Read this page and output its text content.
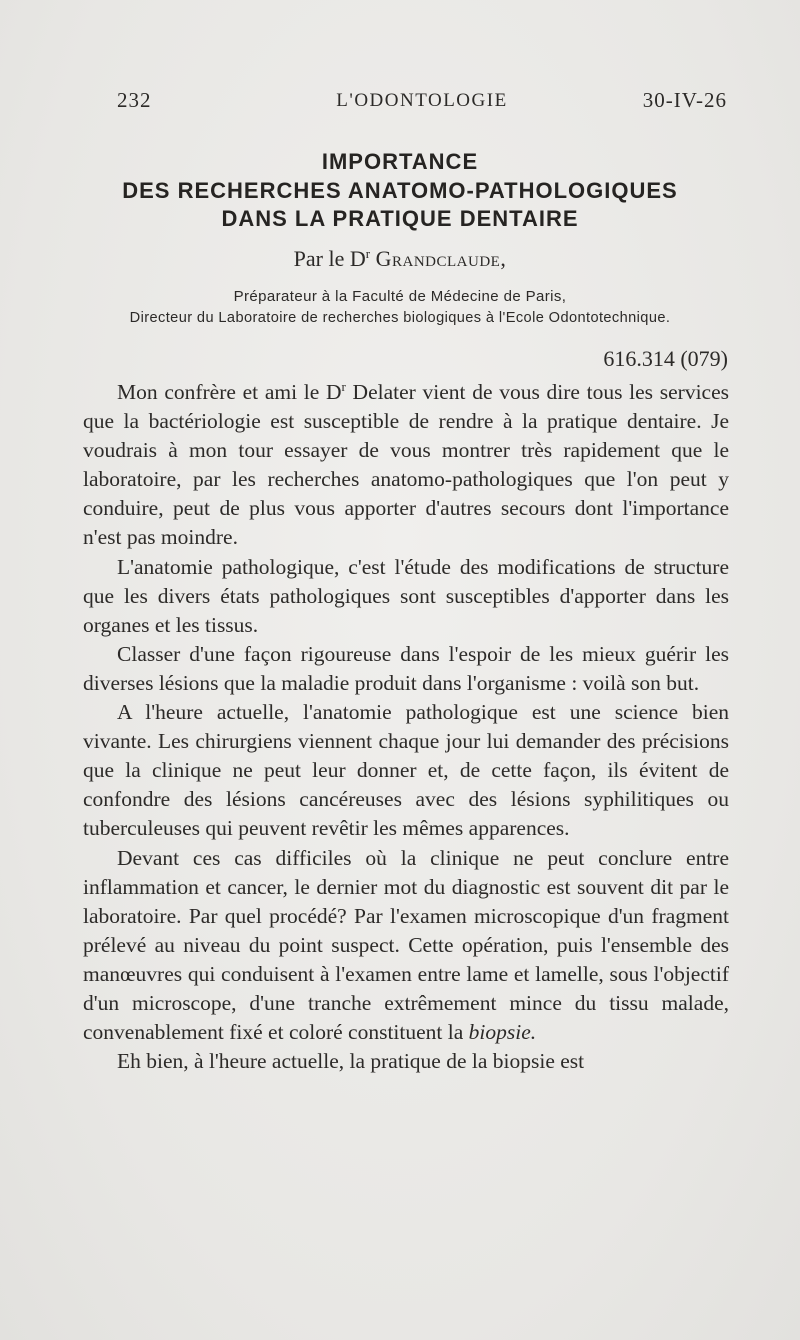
232	L'ODONTOLOGIE	30-IV-26
IMPORTANCE
DES RECHERCHES ANATOMO-PATHOLOGIQUES
DANS LA PRATIQUE DENTAIRE
Par le $D^r$ Grandclaude,
Préparateur à la Faculté de Médecine de Paris,
Directeur du Laboratoire de recherches biologiques à l'Ecole Odontotechnique.
616.314 (079)

Mon confrère et ami le $D^r$ Delater vient de vous dire tous les services que la bactériologie est susceptible de rendre à la pratique dentaire. Je voudrais à mon tour essayer de vous montrer très rapidement que le laboratoire, par les recherches anatomo-pathologiques que l'on peut y conduire, peut de plus vous apporter d'autres secours dont l'importance n'est pas moindre.

L'anatomie pathologique, c'est l'étude des modifications de structure que les divers états pathologiques sont susceptibles d'apporter dans les organes et les tissus.

Classer d'une façon rigoureuse dans l'espoir de les mieux guérir les diverses lésions que la maladie produit dans l'organisme : voilà son but.

A l'heure actuelle, l'anatomie pathologique est une science bien vivante. Les chirurgiens viennent chaque jour lui demander des précisions que la clinique ne peut leur donner et, de cette façon, ils évitent de confondre des lésions cancéreuses avec des lésions syphilitiques ou tuberculeuses qui peuvent revêtir les mêmes apparences.

Devant ces cas difficiles où la clinique ne peut conclure entre inflammation et cancer, le dernier mot du diagnostic est souvent dit par le laboratoire. Par quel procédé? Par l'examen microscopique d'un fragment prélevé au niveau du point suspect. Cette opération, puis l'ensemble des manœuvres qui conduisent à l'examen entre lame et lamelle, sous l'objectif d'un microscope, d'une tranche extrêmement mince du tissu malade, convenablement fixé et coloré constituent la biopsie.

Eh bien, à l'heure actuelle, la pratique de la biopsie est
